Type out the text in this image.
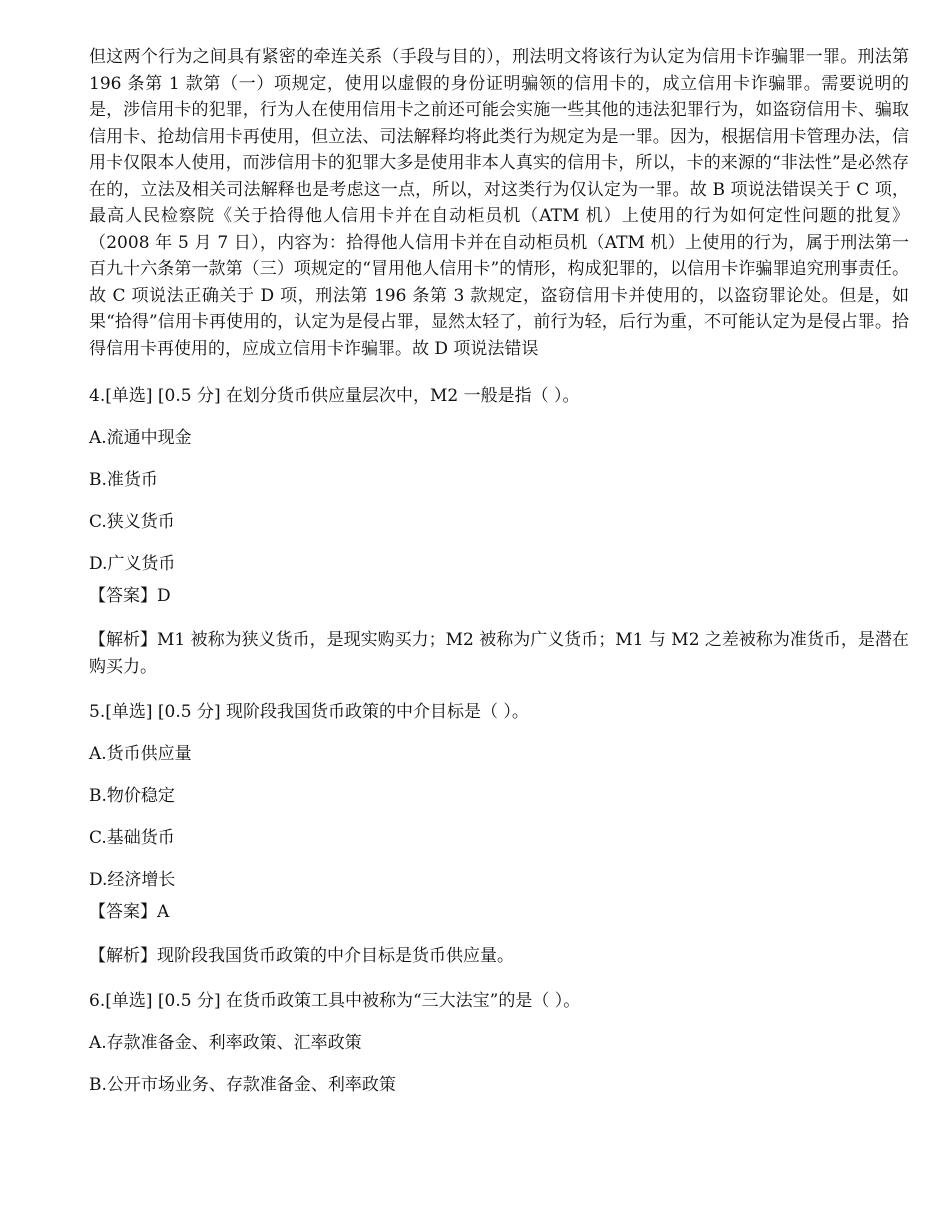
但这两个行为之间具有紧密的牵连关系（手段与目的），刑法明文将该行为认定为信用卡诈骗罪一罪。刑法第 196 条第 1 款第（一）项规定，使用以虚假的身份证明骗领的信用卡的，成立信用卡诈骗罪。需要说明的是，涉信用卡的犯罪，行为人在使用信用卡之前还可能会实施一些其他的违法犯罪行为，如盗窃信用卡、骗取信用卡、抢劫信用卡再使用，但立法、司法解释均将此类行为规定为是一罪。因为，根据信用卡管理办法，信用卡仅限本人使用，而涉信用卡的犯罪大多是使用非本人真实的信用卡，所以，卡的来源的“非法性”是必然存在的，立法及相关司法解释也是考虑这一点，所以，对这类行为仅认定为一罪。故 B 项说法错误关于 C 项，最高人民检察院《关于拾得他人信用卡并在自动柜员机（ATM 机）上使用的行为如何定性问题的批复》（2008 年 5 月 7 日），内容为：拾得他人信用卡并在自动柜员机（ATM 机）上使用的行为，属于刑法第一百九十六条第一款第（三）项规定的“冒用他人信用卡”的情形，构成犯罪的，以信用卡诈骗罪追究刑事责任。故 C 项说法正确关于 D 项，刑法第 196 条第 3 款规定，盗窃信用卡并使用的，以盗窃罪论处。但是，如果“拾得”信用卡再使用的，认定为是侵占罪，显然太轻了，前行为轻，后行为重，不可能认定为是侵占罪。拾得信用卡再使用的，应成立信用卡诈骗罪。故 D 项说法错误

4.[单选] [0.5 分] 在划分货币供应量层次中，M2 一般是指（ ）。

A.流通中现金

B.准货币

C.狭义货币

D.广义货币

【答案】D

【解析】M1 被称为狭义货币，是现实购买力；M2 被称为广义货币；M1 与 M2 之差被称为准货币，是潜在购买力。

5.[单选] [0.5 分] 现阶段我国货币政策的中介目标是（ ）。

A.货币供应量

B.物价稳定

C.基础货币

D.经济增长

【答案】A

【解析】现阶段我国货币政策的中介目标是货币供应量。

6.[单选] [0.5 分] 在货币政策工具中被称为“三大法宝”的是（ ）。

A.存款准备金、利率政策、汇率政策

B.公开市场业务、存款准备金、利率政策
